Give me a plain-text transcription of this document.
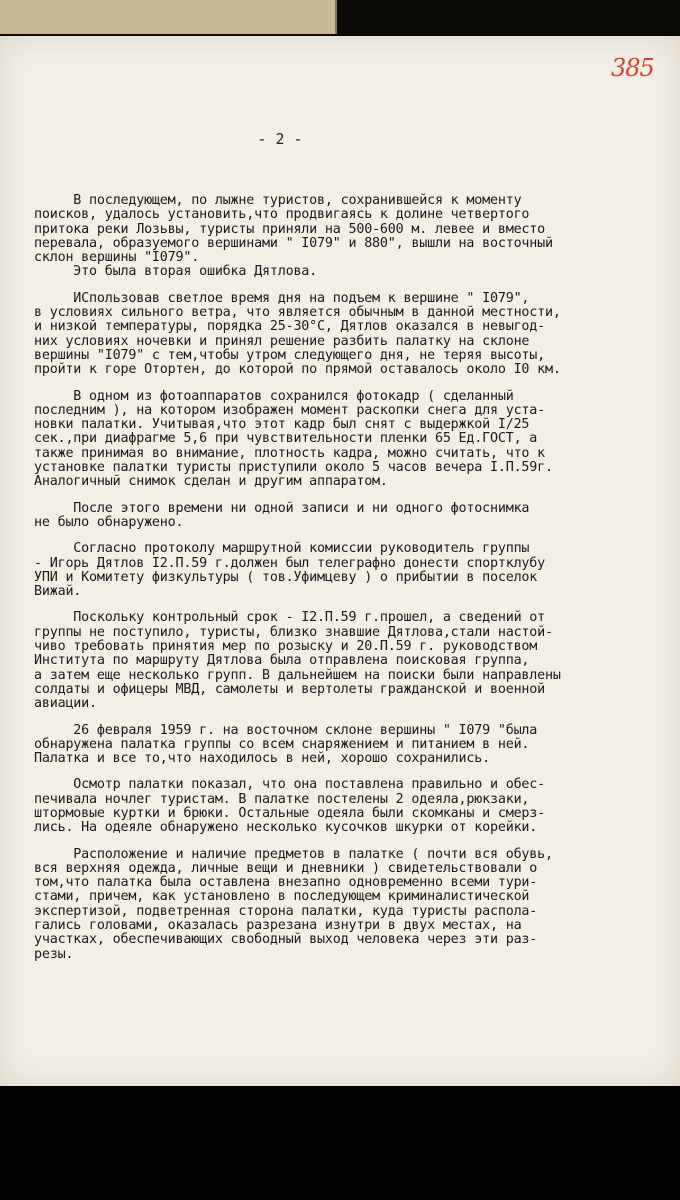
385
- 2 -
В последующем, по лыжне туристов, сохранившейся к моменту
поисков, удалось установить,что продвигаясь к долине четвертого
притока реки Лозьвы, туристы приняли на 500-600 м. левее и вместо
перевала, образуемого вершинами " I079" и 880", вышли на восточный
склон вершины "I079".
Это была вторая ошибка Дятлова.
ИСпользовав светлое время дня на подъем к вершине " I079",
в условиях сильного ветра, что является обычным в данной местности,
и низкой температуры, порядка 25-30°С, Дятлов оказался в невыгод-
них условиях ночевки и принял решение разбить палатку на склоне
вершины "I079" с тем,чтобы утром следующего дня, не теряя высоты,
пройти к горе Отортен, до которой по прямой оставалось около I0 км.
В одном из фотоаппаратов сохранился фотокадр ( сделанный
последним ), на котором изображен момент раскопки снега для уста-
новки палатки. Учитывая,что этот кадр был снят с выдержкой I/25
сек.,при диафрагме 5,6 при чувствительности пленки 65 Ед.ГОСТ, а
также принимая во внимание, плотность кадра, можно считать, что к
установке палатки туристы приступили около 5 часов вечера I.П.59г.
Аналогичный снимок сделан и другим аппаратом.
После этого времени ни одной записи и ни одного фотоснимка
не было обнаружено.
Согласно протоколу маршрутной комиссии руководитель группы
- Игорь Дятлов I2.П.59 г.должен был телеграфно донести спортклубу
УПИ и Комитету физкультуры ( тов.Уфимцеву ) о прибытии в поселок
Вижай.
Поскольку контрольный срок - I2.П.59 г.прошел, а сведений от
группы не поступило, туристы, близко знавшие Дятлова,стали настой-
чиво требовать принятия мер по розыску и 20.П.59 г. руководством
Института по маршруту Дятлова была отправлена поисковая группа,
а затем еще несколько групп. В дальнейшем на поиски были направлены
солдаты и офицеры МВД, самолеты и вертолеты гражданской и военной
авиации.
26 февраля 1959 г. на восточном склоне вершины " I079 "была
обнаружена палатка группы со всем снаряжением и питанием в ней.
Палатка и все то,что находилось в ней, хорошо сохранились.
Осмотр палатки показал, что она поставлена правильно и обес-
печивала ночлег туристам. В палатке постелены 2 одеяла,рюкзаки,
штормовые куртки и брюки. Остальные одеяла были скомканы и смерз-
лись. На одеяле обнаружено несколько кусочков шкурки от корейки.
Расположение и наличие предметов в палатке ( почти вся обувь,
вся верхняя одежда, личные вещи и дневники ) свидетельствовали о
том,что палатка была оставлена внезапно одновременно всеми тури-
стами, причем, как установлено в последующем криминалистической
экспертизой, подветренная сторона палатки, куда туристы распола-
гались головами, оказалась разрезана изнутри в двух местах, на
участках, обеспечивающих свободный выход человека через эти раз-
резы.
